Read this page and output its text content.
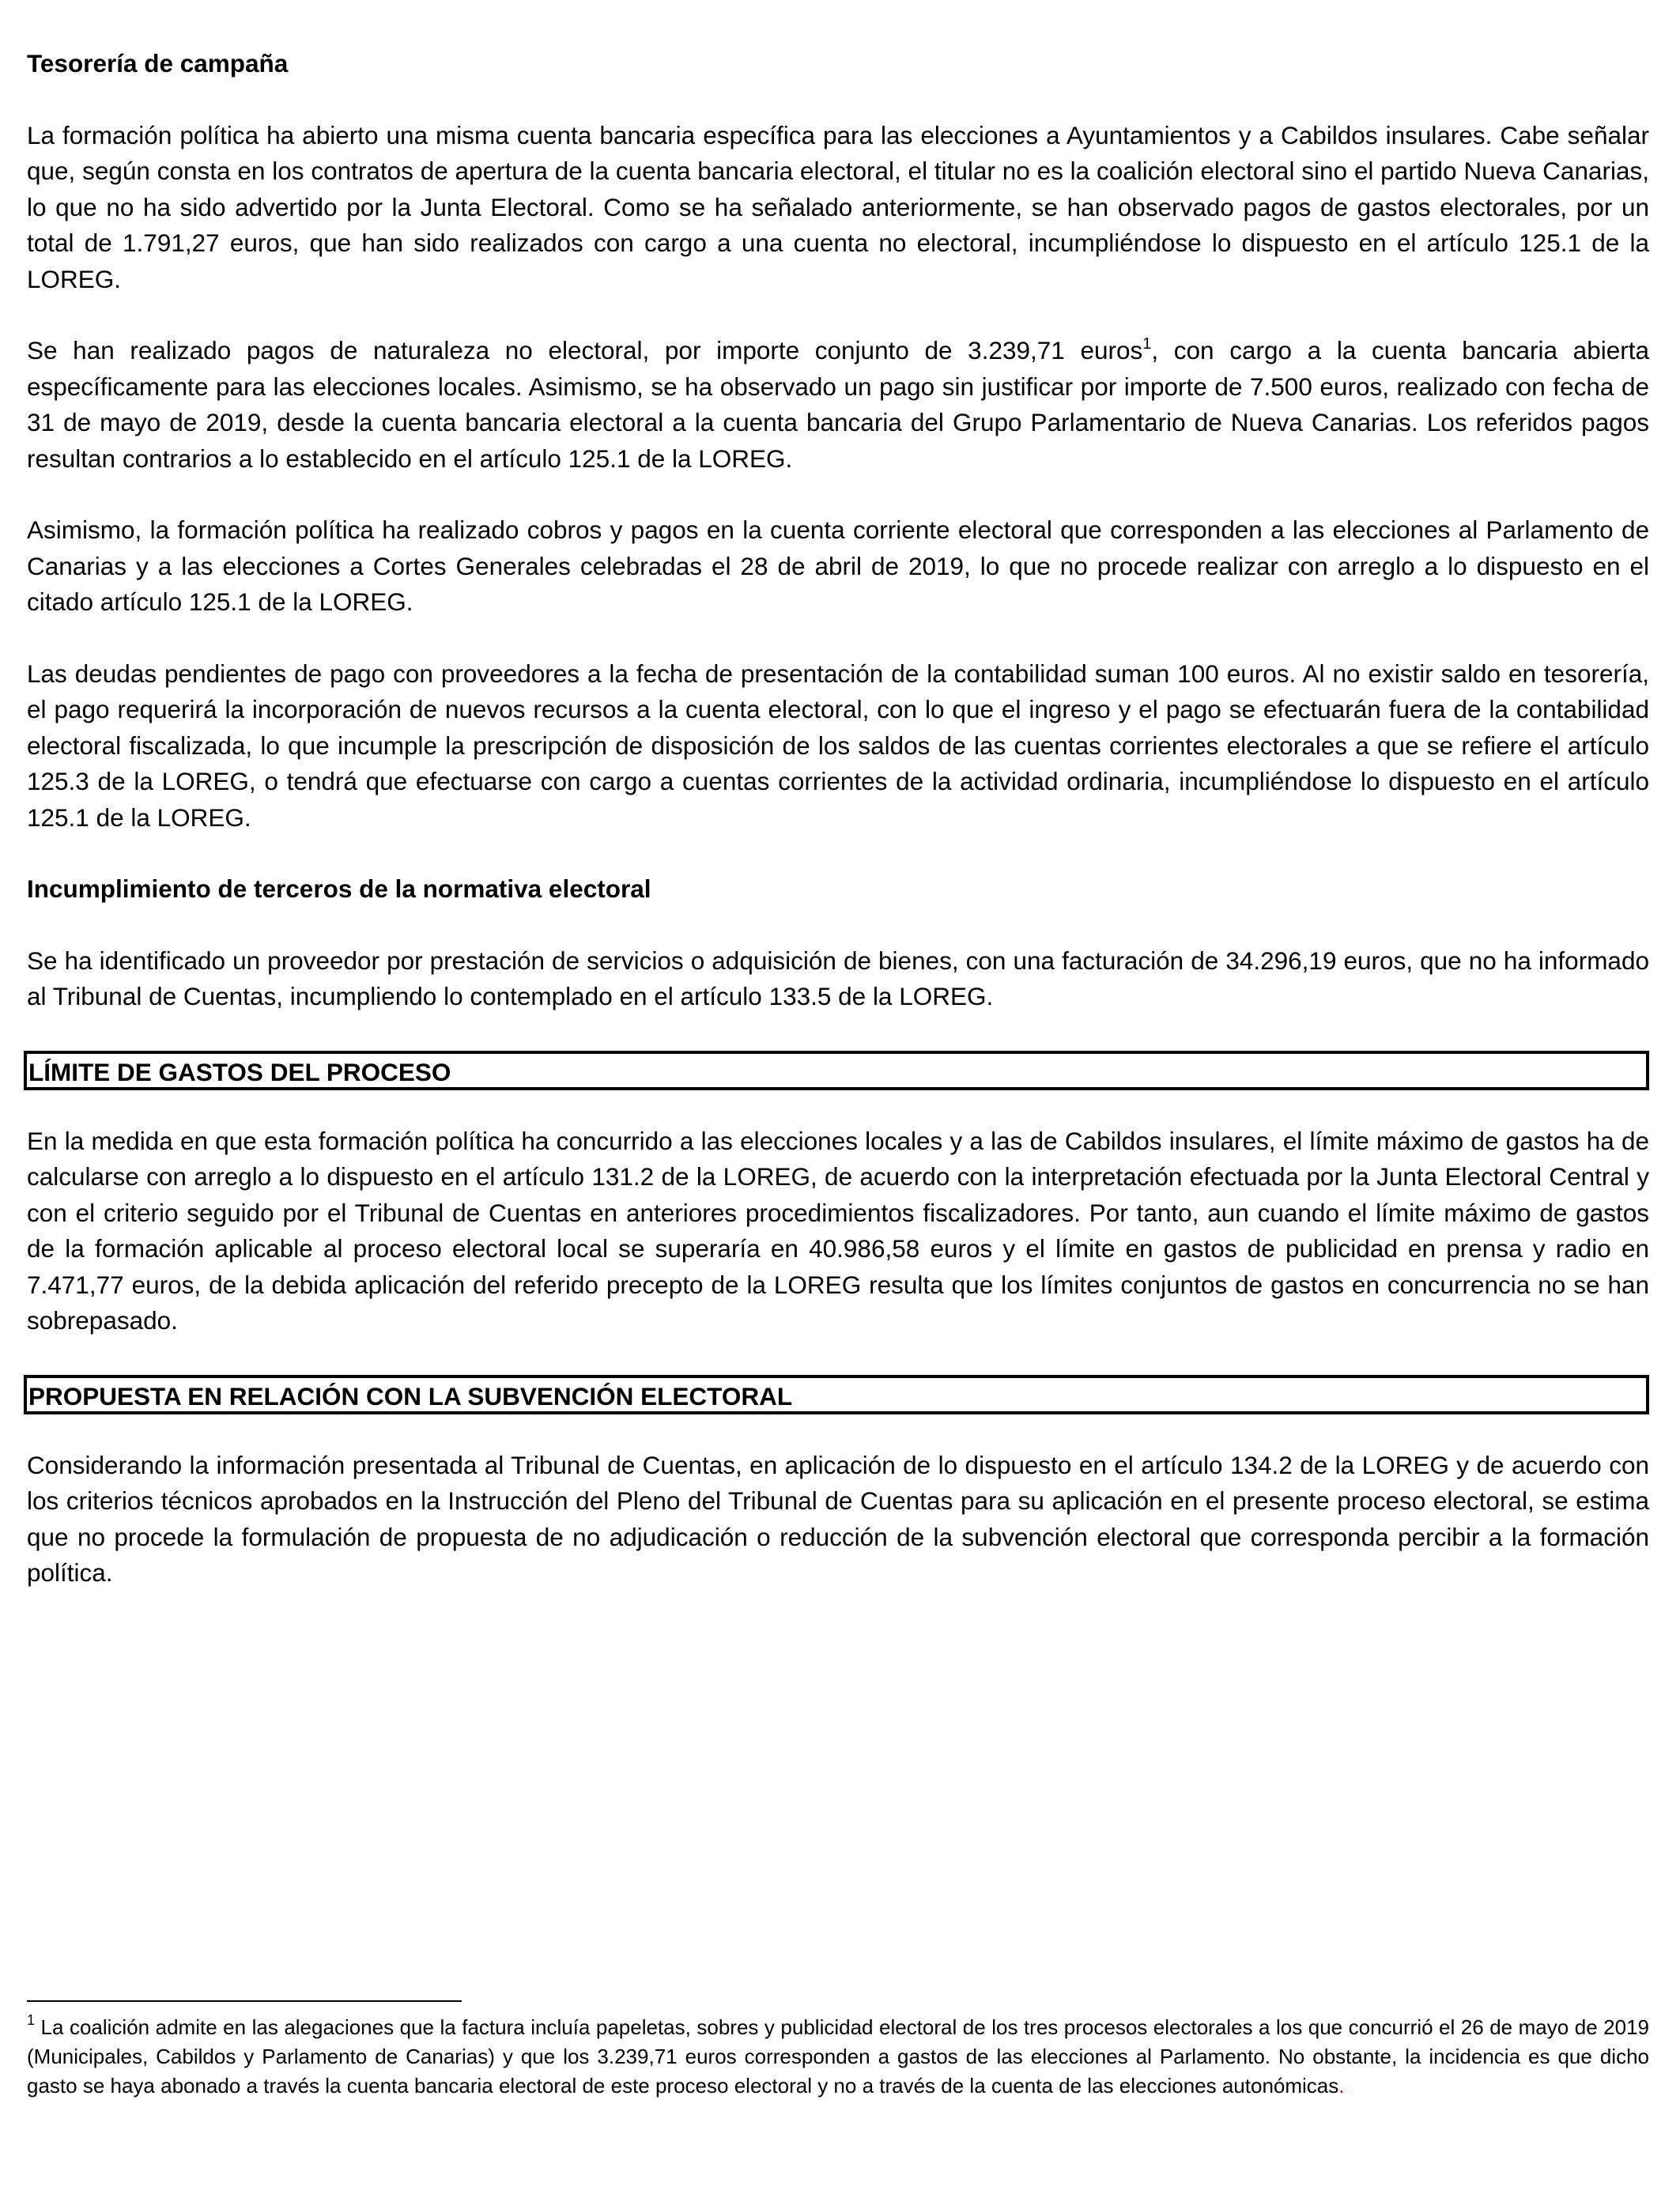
Tesorería de campaña

La formación política ha abierto una misma cuenta bancaria específica para las elecciones a Ayuntamientos y a Cabildos insulares. Cabe señalar que, según consta en los contratos de apertura de la cuenta bancaria electoral, el titular no es la coalición electoral sino el partido Nueva Canarias, lo que no ha sido advertido por la Junta Electoral. Como se ha señalado anteriormente, se han observado pagos de gastos electorales, por un total de 1.791,27 euros, que han sido realizados con cargo a una cuenta no electoral, incumpliéndose lo dispuesto en el artículo 125.1 de la LOREG.

Se han realizado pagos de naturaleza no electoral, por importe conjunto de 3.239,71 euros$^1$, con cargo a la cuenta bancaria abierta específicamente para las elecciones locales. Asimismo, se ha observado un pago sin justificar por importe de 7.500 euros, realizado con fecha de 31 de mayo de 2019, desde la cuenta bancaria electoral a la cuenta bancaria del Grupo Parlamentario de Nueva Canarias. Los referidos pagos resultan contrarios a lo establecido en el artículo 125.1 de la LOREG.

Asimismo, la formación política ha realizado cobros y pagos en la cuenta corriente electoral que corresponden a las elecciones al Parlamento de Canarias y a las elecciones a Cortes Generales celebradas el 28 de abril de 2019, lo que no procede realizar con arreglo a lo dispuesto en el citado artículo 125.1 de la LOREG.

Las deudas pendientes de pago con proveedores a la fecha de presentación de la contabilidad suman 100 euros. Al no existir saldo en tesorería, el pago requerirá la incorporación de nuevos recursos a la cuenta electoral, con lo que el ingreso y el pago se efectuarán fuera de la contabilidad electoral fiscalizada, lo que incumple la prescripción de disposición de los saldos de las cuentas corrientes electorales a que se refiere el artículo 125.3 de la LOREG, o tendrá que efectuarse con cargo a cuentas corrientes de la actividad ordinaria, incumpliéndose lo dispuesto en el artículo 125.1 de la LOREG.

Incumplimiento de terceros de la normativa electoral

Se ha identificado un proveedor por prestación de servicios o adquisición de bienes, con una facturación de 34.296,19 euros, que no ha informado al Tribunal de Cuentas, incumpliendo lo contemplado en el artículo 133.5 de la LOREG.

LÍMITE DE GASTOS DEL PROCESO

En la medida en que esta formación política ha concurrido a las elecciones locales y a las de Cabildos insulares, el límite máximo de gastos ha de calcularse con arreglo a lo dispuesto en el artículo 131.2 de la LOREG, de acuerdo con la interpretación efectuada por la Junta Electoral Central y con el criterio seguido por el Tribunal de Cuentas en anteriores procedimientos fiscalizadores. Por tanto, aun cuando el límite máximo de gastos de la formación aplicable al proceso electoral local se superaría en 40.986,58 euros y el límite en gastos de publicidad en prensa y radio en 7.471,77 euros, de la debida aplicación del referido precepto de la LOREG resulta que los límites conjuntos de gastos en concurrencia no se han sobrepasado.

PROPUESTA EN RELACIÓN CON LA SUBVENCIÓN ELECTORAL

Considerando la información presentada al Tribunal de Cuentas, en aplicación de lo dispuesto en el artículo 134.2 de la LOREG y de acuerdo con los criterios técnicos aprobados en la Instrucción del Pleno del Tribunal de Cuentas para su aplicación en el presente proceso electoral, se estima que no procede la formulación de propuesta de no adjudicación o reducción de la subvención electoral que corresponda percibir a la formación política.

$^1$ La coalición admite en las alegaciones que la factura incluía papeletas, sobres y publicidad electoral de los tres procesos electorales a los que concurrió el 26 de mayo de 2019 (Municipales, Cabildos y Parlamento de Canarias) y que los 3.239,71 euros corresponden a gastos de las elecciones al Parlamento. No obstante, la incidencia es que dicho gasto se haya abonado a través la cuenta bancaria electoral de este proceso electoral y no a través de la cuenta de las elecciones autonómicas.
